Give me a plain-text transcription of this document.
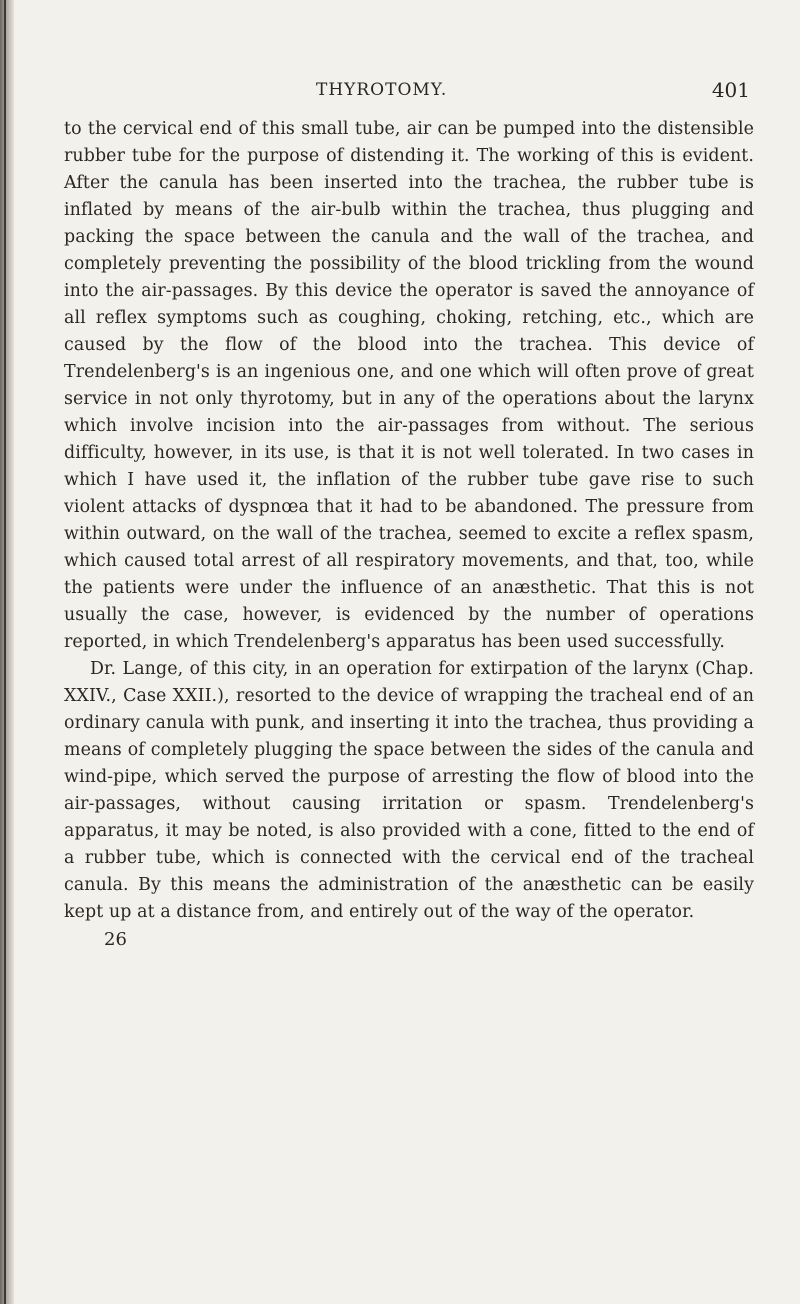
THYROTOMY.	401

to the cervical end of this small tube, air can be pumped into the distensible rubber tube for the purpose of distending it. The working of this is evident. After the canula has been inserted into the trachea, the rubber tube is inflated by means of the air-bulb within the trachea, thus plugging and packing the space between the canula and the wall of the trachea, and completely preventing the possibility of the blood trickling from the wound into the air-passages. By this device the operator is saved the annoyance of all reflex symptoms such as coughing, choking, retching, etc., which are caused by the flow of the blood into the trachea. This device of Trendelenberg's is an ingenious one, and one which will often prove of great service in not only thyrotomy, but in any of the operations about the larynx which involve incision into the air-passages from without. The serious difficulty, however, in its use, is that it is not well tolerated. In two cases in which I have used it, the inflation of the rubber tube gave rise to such violent attacks of dyspnœa that it had to be abandoned. The pressure from within outward, on the wall of the trachea, seemed to excite a reflex spasm, which caused total arrest of all respiratory movements, and that, too, while the patients were under the influence of an anæsthetic. That this is not usually the case, however, is evidenced by the number of operations reported, in which Trendelenberg's apparatus has been used successfully.

Dr. Lange, of this city, in an operation for extirpation of the larynx (Chap. XXIV., Case XXII.), resorted to the device of wrapping the tracheal end of an ordinary canula with punk, and inserting it into the trachea, thus providing a means of completely plugging the space between the sides of the canula and wind-pipe, which served the purpose of arresting the flow of blood into the air-passages, without causing irritation or spasm. Trendelenberg's apparatus, it may be noted, is also provided with a cone, fitted to the end of a rubber tube, which is connected with the cervical end of the tracheal canula. By this means the administration of the anæsthetic can be easily kept up at a distance from, and entirely out of the way of the operator.

26
